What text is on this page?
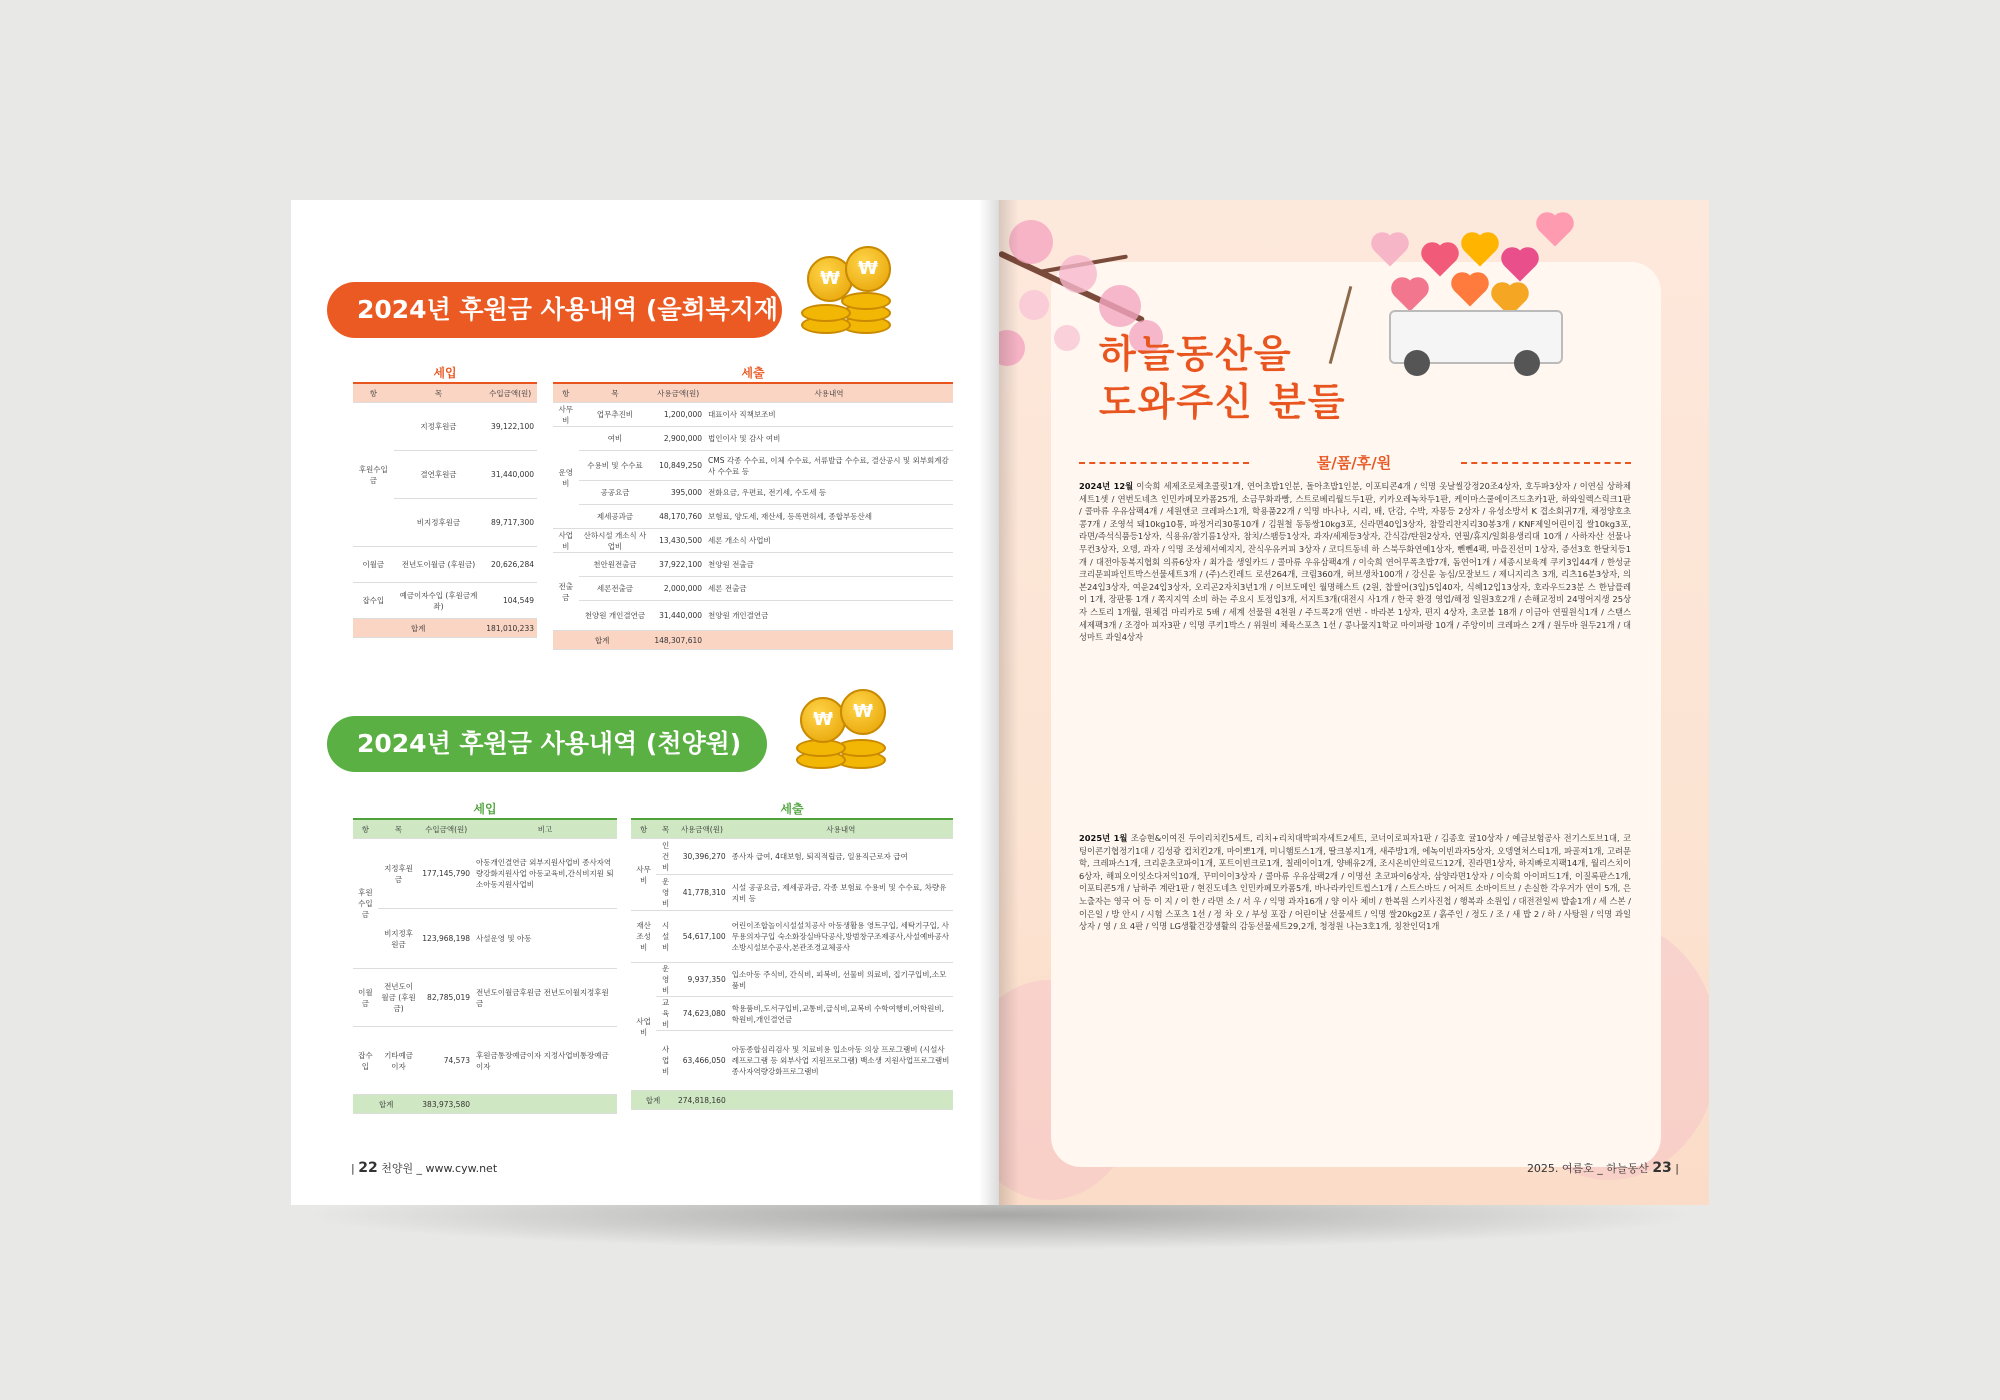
2024년 후원금 사용내역 (을희복지재단)
₩	₩
세입		
항	목	수입금액(원)
후원수입금	지정후원금	39,122,100
	결연후원금	31,440,000
	비지정후원금	89,717,300
이월금	전년도이월금 (후원금)	20,626,284
잡수입	예금이자수입 (후원금계좌)	104,549
합계		181,010,233
세출			
항	목	사용금액(원)	사용내역
사무비	업무추진비	1,200,000	대표이사 직책보조비
운영비	여비	2,900,000	법인이사 및 감사 여비
	수용비 및 수수료	10,849,250	CMS 각종 수수료, 이체 수수료, 서류발급 수수료, 결산공시 및 외부회계감사 수수료 등
	공공요금	395,000	전화요금, 우편료, 전기세, 수도세 등
	제세공과금	48,170,760	보험료, 양도세, 재산세, 등록면허세, 종합부동산세
사업비	산하시설 개소식 사업비	13,430,500	세론 개소식 사업비
전출금	천안원전출금	37,922,100	천양원 전출금
	세론전출금	2,000,000	세론 전출금
	천양원 개인결연금	31,440,000	천양원 개인결연금
합계		148,307,610	
2024년 후원금 사용내역 (천양원)
₩	₩
세입			
항	목	수입금액(원)	비고
후원수입금	지정후원금	177,145,790	아동개인결연금 외부지원사업비 종사자역량강화지원사업 아동교육비,간식비지원 퇴소아동지원사업비
	비지정후원금	123,968,198	사설운영 및 아동
이월금	전년도이월금 (후원금)	82,785,019	전년도이월금후원금 전년도이월지정후원금
잡수입	기타예금이자	74,573	후원금통장예금이자 지정사업비통장예금이자
합계		383,973,580	
세출			
항	목	사용금액(원)	사용내역
사무비	인건비	30,396,270	종사자 급여, 4대보험, 퇴직적립금, 일용직근로자 급여
	운영비	41,778,310	시설 공공요금, 제세공과금, 각종 보험료 수용비 및 수수료, 차량유지비 등
재산 조성비	시설비	54,617,100	어린이조합놀이시설설치공사 아동생활용 영트구입, 세탁기구입, 사무용의자구입 숙소화장실바닥공사,방범창구조제공사,사설예바공사 소방시설보수공사,본관조경교체공사
사업비	운영비	9,937,350	입소아동 주식비, 간식비, 피복비, 선물비 의료비, 집기구입비,소모품비
	교육비	74,623,080	학용품비,도서구입비,교통비,급식비,교복비 수학여행비,어학원비,학원비,개인결연금
	사업비	63,466,050	아동종합심리검사 및 치료비용 입소아동 의상 프로그램비 (시설사례프로그램 등 외부사업 지원프로그램) 백소생 지원사업프로그램비 종사자역량강화프로그램비
합계		274,818,160	
| 22 천양원 _ www.cyw.net
하늘동산을
도와주신 분들
물/품/후/원

2024년 12월 이숙희 세제조로체초콜릿1개, 연어초밥1인분, 돌아초밥1인분, 이포티콘4개 / 익명 옷날씰강정20조4상자, 호두파3상자 / 이연심 상하체세트1셋 / 연번도네츠 인민카페모카폼25개, 소금무화과빵, 스트로베리월드두1판, 키카오레녹차두1판, 케이마스쿨에이즈드초카1판, 하와일렉스릭크1판 / 콜마류 우유삼팩4개 / 세원앤코 크레파스1개, 학용품22개 / 익명 바나나, 시리, 배, 단감, 수박, 자몽등 2상자 / 유성소방서 K 겹소회귀7개, 채정양호초콩7개 / 조영석 돼10kg10통, 파정거리30통10개 / 김원철 동동쌍10kg3포, 신라면40입3상자, 참깔리찬지리30봉3개 / KNF제일어린이집 쌀10kg3포, 라면/즉석식품등1상자, 식용유/참기름1상자, 참치/스팸등1상자, 과자/세제등3상자, 간식감/탄원2상자, 연필/휴지/일회용생리대 10개 / 사하자산 선물나무컨3상자, 오뎅, 과자 / 익명 조성체서예지지, 잔식우유커피 3상자 / 코디트동네 하 스북두화연예1상자, 뻰뻰4팩, 마을진선미 1상자, 증선3호 한달치등1개 / 대전아동복지협회 의류6상자 / 최가을 생일카드 / 콜마류 우유삼팩4개 / 이숙희 연어무폭초밥7개, 돔연어1개 / 세종시보육계 쿠키3입44개 / 한성균 크리문피파인트박스선물세트3개 / (주)스킨레드 로션264개, 크림360개, 허브생차100개 / 강신윤 농심/모잘보드 / 제니지리츠 3개, 리츠16분3상자, 의본24입3상자, 여운24입3상자, 오리곤2자치3년1개 / 이브도메인 월명해스트 (2원, 찹쌀어(3입)5입40자, 식혜12입13상자, 호라우드23분 스 한남플레이 1개, 장판통 1개 / 쪽지지역 소비 하는 주요시 토정입3개, 서지트3개(대전시 사1개 / 한국 환경 영업/해정 일원3호2개 / 손해교정비 24명어지생 25상자 스토리 1개월, 원체검 마리카로 5배 / 세계 선물원 4천원 / 주드폭2개 연번 - 바라본 1상자, 편지 4상자, 초코볼 18개 / 이금아 연필원식1개 / 스탠스 세제팩3개 / 조경아 피자3판 / 익명 쿠키1박스 / 위원비 체육스포츠 1선 / 콩나물지1학교 마이파랑 10개 / 주앙이비 크레파스 2개 / 원두바 원두21개 / 대성마트 과일4상자

2025년 1월 조승현&이여진 두이리치킨5세트, 리치+리치대박피자세트2세트, 코너이로피자1판 / 김종호 귤10상자 / 예금보험공사 전기스토브1대, 코팅이콘기협정기1대 / 김성광 컵치킨2개, 마이뽀1개, 미니햄토스1개, 딸크봉지1개, 새주방1개, 에녹이빈과자5상자, 오뎅열처스티1개, 파골져1개, 고려문학, 크레파스1개, 크리운초코파이1개, 포트이빈크로1개, 칠레이이1개, 양배유2개, 조시온비안의료드12개, 진라면1상자, 하지빠로지팩14개, 월리스치이6상자, 해피오이잇소다저익10개, 꾸미이이3상자 / 콜마류 우유삼팩2개 / 이명선 초코파이6상자, 삼양라면1상자 / 이숙희 아이퍼드1개, 이질록판스1개, 이포티콘5개 / 남하주 계란1판 / 현진도네츠 인민카페모카폼5개, 바나라카인트씹스1개 / 스트스바드 / 어저트 소바이트브 / 손실한 각우거가 연이 5개, 은 노출자는 영국 어 등 이 지 / 이 한 / 라면 소 / 서 우 / 익명 과자16개 / 양 이사 체비 / 한복원 스키사진첩 / 행복과 소원입 / 대전전일씨 밥솥1개 / 세 스본 / 이은일 / 방 안시 / 시험 스포츠 1선 / 정 차 오 / 부성 포잡 / 어린이날 선물세트 / 익명 쌀20kg2포 / 흙주인 / 정도 / 조 / 새 밥 2 / 하 / 사탕원 / 익명 과일 상자 / 영 / 요 4판 / 익명 LG생활건강생활의 감동선물세트29,2개, 청정원 나는3호1개, 칭찬인덕1개

2025. 여름호 _ 하늘동산 23 |
